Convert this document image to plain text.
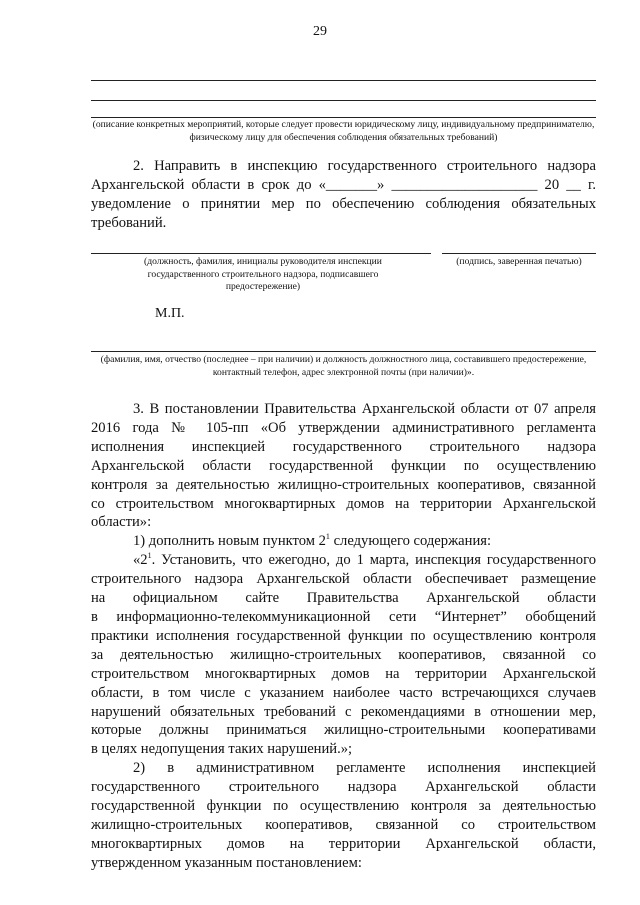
29
(описание конкретных мероприятий, которые следует провести юридическому лицу, индивидуальному предпринимателю, физическому лицу для обеспечения соблюдения обязательных требований)
2. Направить в инспекцию государственного строительного надзора
Архангельской области в срок до «_______» ____________________ 20 __ г.
уведомление о принятии мер по обеспечению соблюдения обязательных
требований.
(должность, фамилия, инициалы руководителя инспекции государственного строительного надзора, подписавшего предостережение)
(подпись, заверенная печатью)
М.П.
(фамилия, имя, отчество (последнее – при наличии) и должность должностного лица, составившего предостережение, контактный телефон, адрес электронной почты (при наличии)».
3. В постановлении Правительства Архангельской области от 07 апреля
2016 года № 105-пп «Об утверждении административного регламента
исполнения инспекцией государственного строительного надзора
Архангельской области государственной функции по осуществлению
контроля за деятельностью жилищно-строительных кооперативов, связанной
со строительством многоквартирных домов на территории Архангельской
области»:
1) дополнить новым пунктом $2^1$ следующего содержания:
«$2^1$. Установить, что ежегодно, до 1 марта, инспекция государственного
строительного надзора Архангельской области обеспечивает размещение
на официальном сайте Правительства Архангельской области
в информационно-телекоммуникационной сети “Интернет” обобщений
практики исполнения государственной функции по осуществлению контроля
за деятельностью жилищно-строительных кооперативов, связанной со
строительством многоквартирных домов на территории Архангельской
области, в том числе с указанием наиболее часто встречающихся случаев
нарушений обязательных требований с рекомендациями в отношении мер,
которые должны приниматься жилищно-строительными кооперативами
в целях недопущения таких нарушений.»;
2) в административном регламенте исполнения инспекцией
государственного строительного надзора Архангельской области
государственной функции по осуществлению контроля за деятельностью
жилищно-строительных кооперативов, связанной со строительством
многоквартирных домов на территории Архангельской области,
утвержденном указанным постановлением:
